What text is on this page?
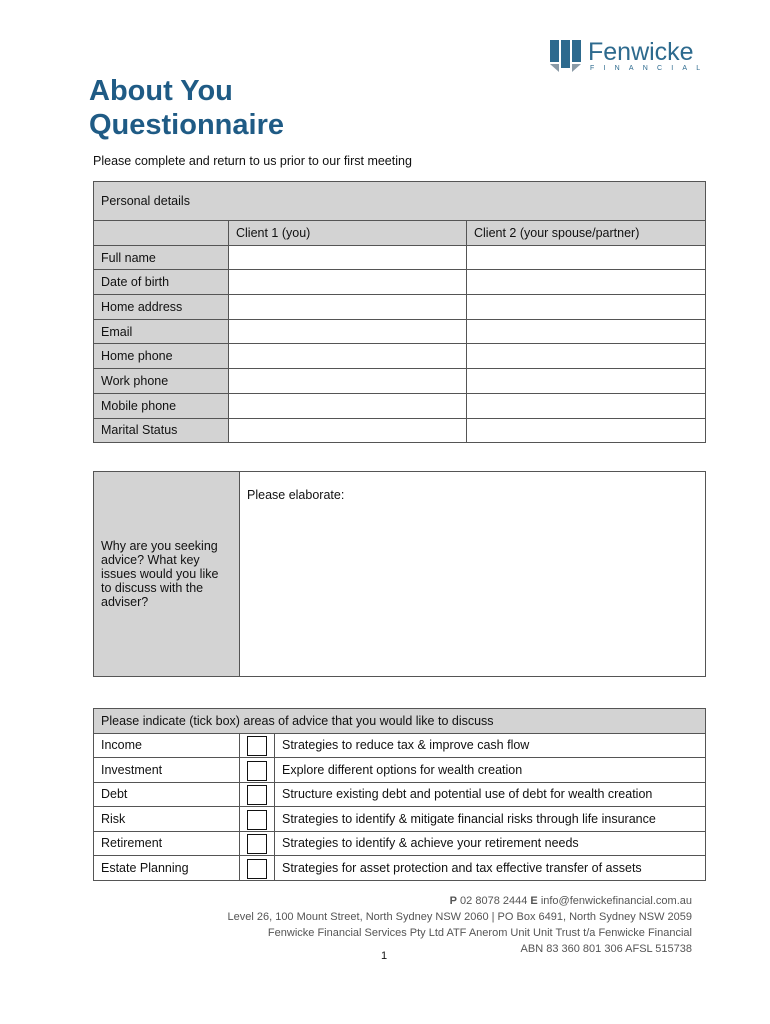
Fenwicke
FINANCIAL
About You
Questionnaire
Please complete and return to us prior to our first meeting
Personal details		
	Client 1 (you)	Client 2 (your spouse/partner)
Full name		
Date of birth		
Home address		
Email		
Home phone		
Work phone		
Mobile phone		
Marital Status		
Why are you seeking advice? What key issues would you like to discuss with the adviser?	Please elaborate:
Please indicate (tick box) areas of advice that you would like to discuss		
Income		Strategies to reduce tax & improve cash flow
Investment		Explore different options for wealth creation
Debt		Structure existing debt and potential use of debt for wealth creation
Risk		Strategies to identify & mitigate financial risks through life insurance
Retirement		Strategies to identify & achieve your retirement needs
Estate Planning		Strategies for asset protection and tax effective transfer of assets
P 02 8078 2444 E info@fenwickefinancial.com.au
Level 26, 100 Mount Street, North Sydney NSW 2060 | PO Box 6491, North Sydney NSW 2059
Fenwicke Financial Services Pty Ltd ATF Anerom Unit Unit Trust t/a Fenwicke Financial
ABN 83 360 801 306 AFSL 515738
1
